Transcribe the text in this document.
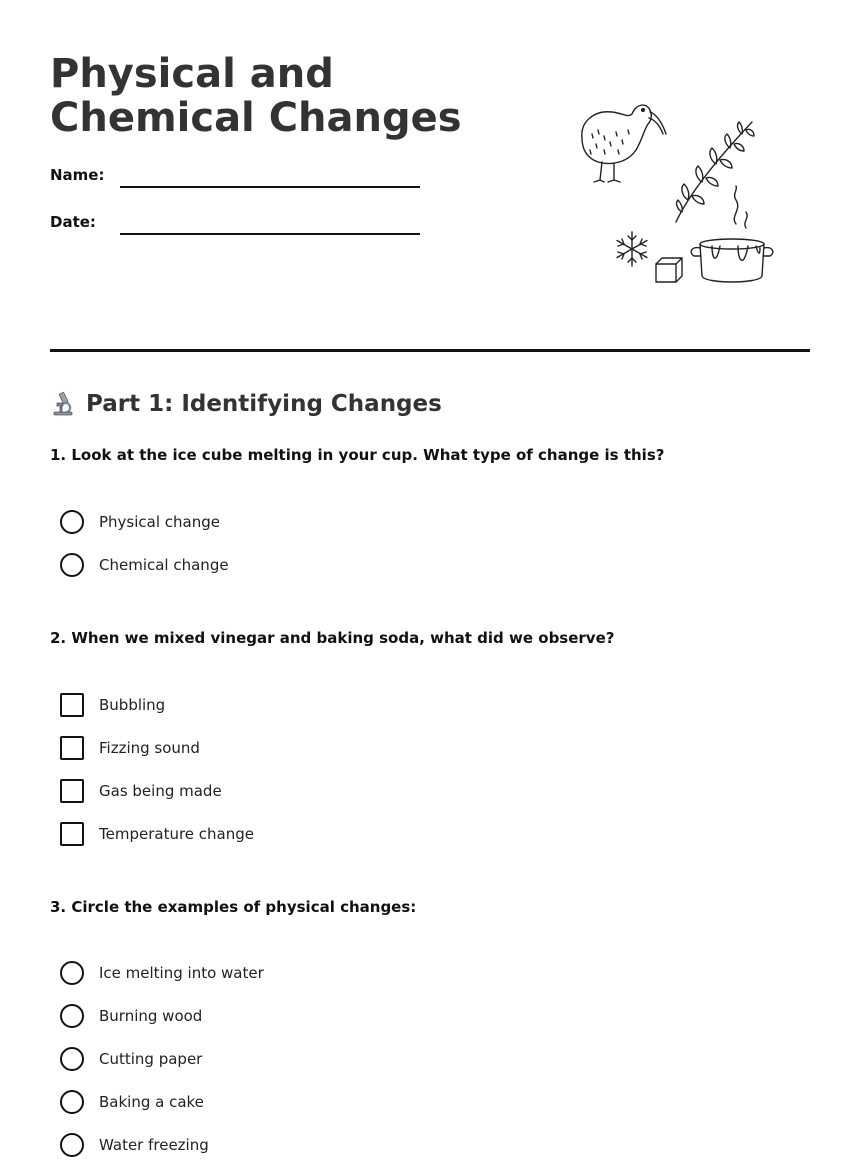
Physical and Chemical Changes
Name:
Date:
Part 1: Identifying Changes

1. Look at the ice cube melting in your cup. What type of change is this?

Physical change
Chemical change

2. When we mixed vinegar and baking soda, what did we observe?

Bubbling
Fizzing sound
Gas being made
Temperature change

3. Circle the examples of physical changes:

Ice melting into water
Burning wood
Cutting paper
Baking a cake
Water freezing
